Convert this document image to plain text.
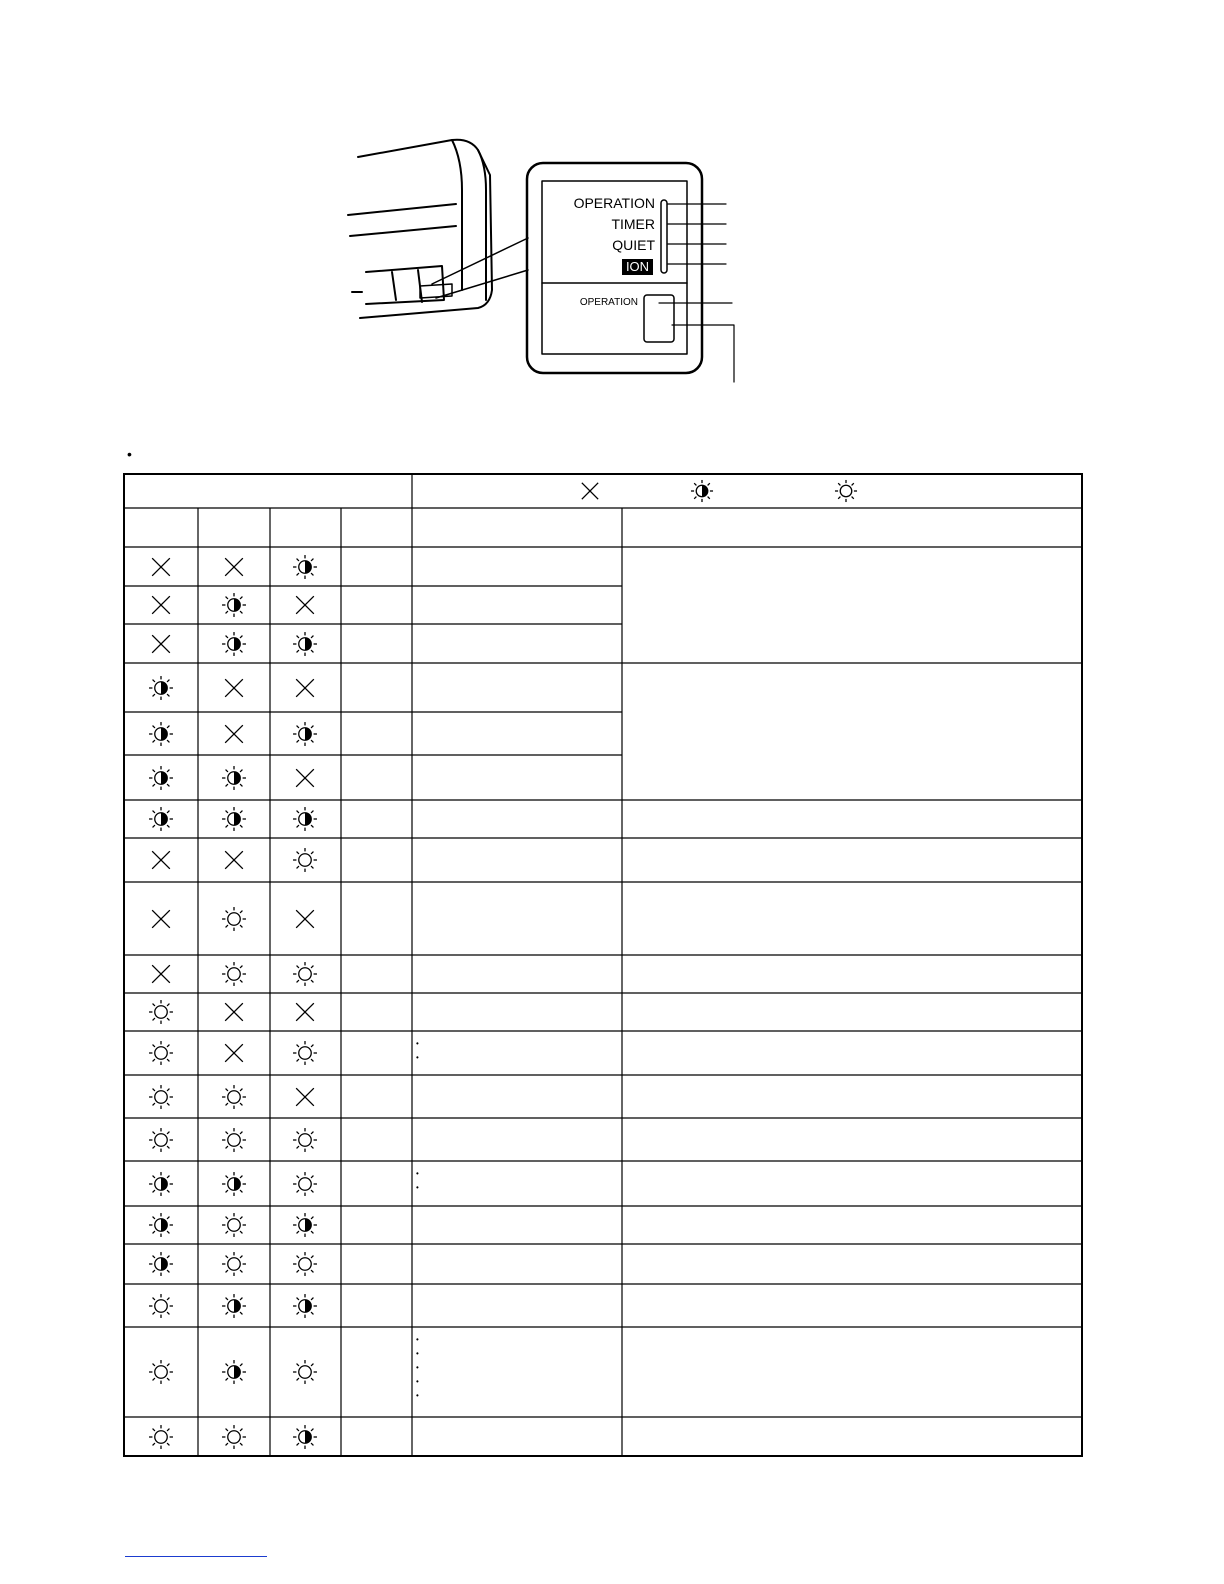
OPERATION
TIMER
QUIET
ION
OPERATION
•
•
•
•
•
•
•
•
•
•
